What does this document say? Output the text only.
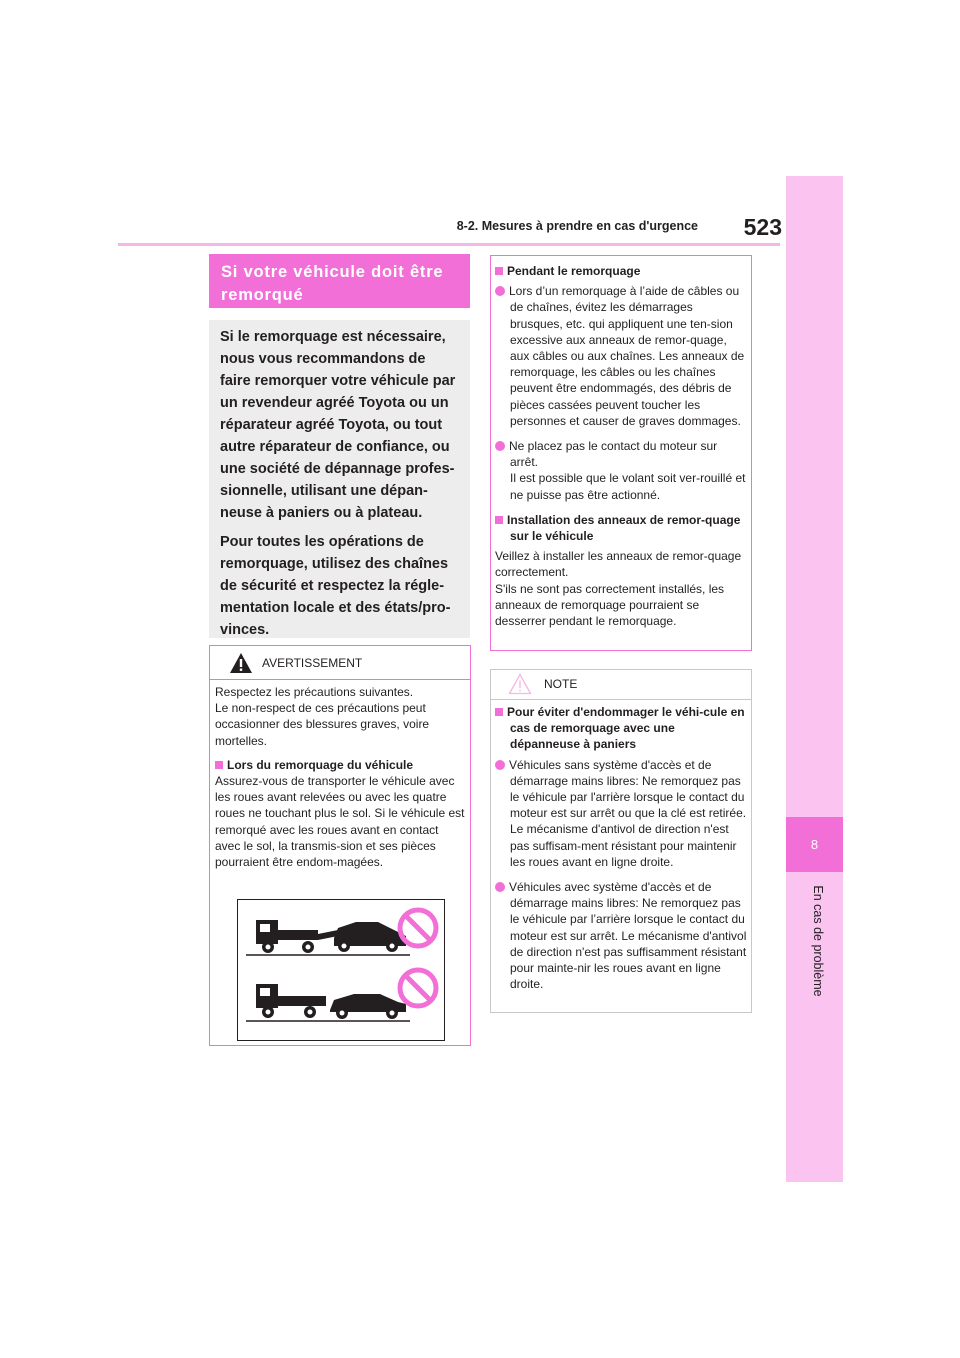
8-2. Mesures à prendre en cas d'urgence 523
8
En cas de problème
Si votre véhicule doit être remorqué

Si le remorquage est nécessaire, nous vous recommandons de faire remorquer votre véhicule par un revendeur agréé Toyota ou un réparateur agréé Toyota, ou tout autre réparateur de confiance, ou une société de dépannage profes-sionnelle, utilisant une dépan-neuse à paniers ou à plateau.

Pour toutes les opérations de remorquage, utilisez des chaînes de sécurité et respectez la régle-mentation locale et des états/pro-vinces.

AVERTISSEMENT

Respectez les précautions suivantes.

Le non-respect de ces précautions peut occasionner des blessures graves, voire mortelles.

Lors du remorquage du véhicule

Assurez-vous de transporter le véhicule avec les roues avant relevées ou avec les quatre roues ne touchant plus le sol. Si le véhicule est remorqué avec les roues avant en contact avec le sol, la transmis-sion et ses pièces pourraient être endom-magées.

Pendant le remorquage

Lors d’un remorquage à l’aide de câbles ou de chaînes, évitez les démarrages brusques, etc. qui appliquent une ten-sion excessive aux anneaux de remor-quage, aux câbles ou aux chaînes. Les anneaux de remorquage, les câbles ou les chaînes peuvent être endommagés, des débris de pièces cassées peuvent toucher les personnes et causer de graves dommages.

Ne placez pas le contact du moteur sur arrêt.

Il est possible que le volant soit ver-rouillé et ne puisse pas être actionné.

Installation des anneaux de remor-quage sur le véhicule

Veillez à installer les anneaux de remor-quage correctement.

S'ils ne sont pas correctement installés, les anneaux de remorquage pourraient se desserrer pendant le remorquage.

NOTE

Pour éviter d'endommager le véhi-cule en cas de remorquage avec une dépanneuse à paniers

Véhicules sans système d'accès et de démarrage mains libres: Ne remorquez pas le véhicule par l'arrière lorsque le contact du moteur est sur arrêt ou que la clé est retirée. Le mécanisme d'antivol de direction n'est pas suffisam-ment résistant pour maintenir les roues avant en ligne droite.

Véhicules avec système d'accès et de démarrage mains libres: Ne remorquez pas le véhicule par l’arrière lorsque le contact du moteur est sur arrêt. Le mécanisme d'antivol de direction n'est pas suffisamment résistant pour mainte-nir les roues avant en ligne droite.
